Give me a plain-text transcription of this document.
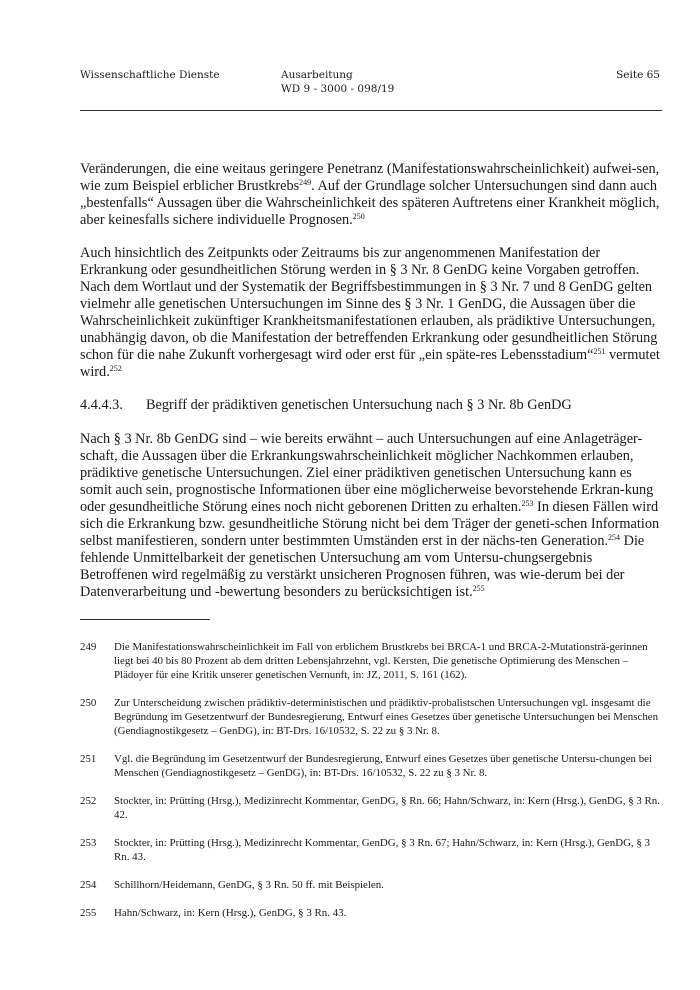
Wissenschaftliche Dienste	Ausarbeitung
WD 9 - 3000 - 098/19
Seite 65

Veränderungen, die eine weitaus geringere Penetranz (Manifestationswahrscheinlichkeit) aufwei-sen, wie zum Beispiel erblicher Brustkrebs$^{249}$. Auf der Grundlage solcher Untersuchungen sind dann auch „bestenfalls“ Aussagen über die Wahrscheinlichkeit des späteren Auftretens einer Krankheit möglich, aber keinesfalls sichere individuelle Prognosen.$^{250}$

Auch hinsichtlich des Zeitpunkts oder Zeitraums bis zur angenommenen Manifestation der Erkrankung oder gesundheitlichen Störung werden in § 3 Nr. 8 GenDG keine Vorgaben getroffen. Nach dem Wortlaut und der Systematik der Begriffsbestimmungen in § 3 Nr. 7 und 8 GenDG gelten vielmehr alle genetischen Untersuchungen im Sinne des § 3 Nr. 1 GenDG, die Aussagen über die Wahrscheinlichkeit zukünftiger Krankheitsmanifestationen erlauben, als prädiktive Untersuchungen, unabhängig davon, ob die Manifestation der betreffenden Erkrankung oder gesundheitlichen Störung schon für die nahe Zukunft vorhergesagt wird oder erst für „ein späte-res Lebensstadium“$^{251}$ vermutet wird.$^{252}$

4.4.4.3. Begriff der prädiktiven genetischen Untersuchung nach § 3 Nr. 8b GenDG

Nach § 3 Nr. 8b GenDG sind – wie bereits erwähnt – auch Untersuchungen auf eine Anlageträger-schaft, die Aussagen über die Erkrankungswahrscheinlichkeit möglicher Nachkommen erlauben, prädiktive genetische Untersuchungen. Ziel einer prädiktiven genetischen Untersuchung kann es somit auch sein, prognostische Informationen über eine möglicherweise bevorstehende Erkran-kung oder gesundheitliche Störung eines noch nicht geborenen Dritten zu erhalten.$^{253}$ In diesen Fällen wird sich die Erkrankung bzw. gesundheitliche Störung nicht bei dem Träger der geneti-schen Information selbst manifestieren, sondern unter bestimmten Umständen erst in der nächs-ten Generation.$^{254}$ Die fehlende Unmittelbarkeit der genetischen Untersuchung am vom Untersu-chungsergebnis Betroffenen wird regelmäßig zu verstärkt unsicheren Prognosen führen, was wie-derum bei der Datenverarbeitung und -bewertung besonders zu berücksichtigen ist.$^{255}$

249 Die Manifestationswahrscheinlichkeit im Fall von erblichem Brustkrebs bei BRCA-1 und BRCA-2-Mutationsträ-gerinnen liegt bei 40 bis 80 Prozent ab dem dritten Lebensjahrzehnt, vgl. Kersten, Die genetische Optimierung des Menschen – Plädoyer für eine Kritik unserer genetischen Vernunft, in: JZ, 2011, S. 161 (162).
250 Zur Unterscheidung zwischen prädiktiv-deterministischen und prädiktiv-probalistschen Untersuchungen vgl. insgesamt die Begründung im Gesetzentwurf der Bundesregierung, Entwurf eines Gesetzes über genetische Untersuchungen bei Menschen (Gendiagnostikgesetz – GenDG), in: BT-Drs. 16/10532, S. 22 zu § 3 Nr. 8.
251 Vgl. die Begründung im Gesetzentwurf der Bundesregierung, Entwurf eines Gesetzes über genetische Untersu-chungen bei Menschen (Gendiagnostikgesetz – GenDG), in: BT-Drs. 16/10532, S. 22 zu § 3 Nr. 8.
252 Stockter, in: Prütting (Hrsg.), Medizinrecht Kommentar, GenDG, § Rn. 66; Hahn/Schwarz, in: Kern (Hrsg.), GenDG, § 3 Rn. 42.
253 Stockter, in: Prütting (Hrsg.), Medizinrecht Kommentar, GenDG, § 3 Rn. 67; Hahn/Schwarz, in: Kern (Hrsg.), GenDG, § 3 Rn. 43.
254 Schillhorn/Heidemann, GenDG, § 3 Rn. 50 ff. mit Beispielen.
255 Hahn/Schwarz, in: Kern (Hrsg.), GenDG, § 3 Rn. 43.
